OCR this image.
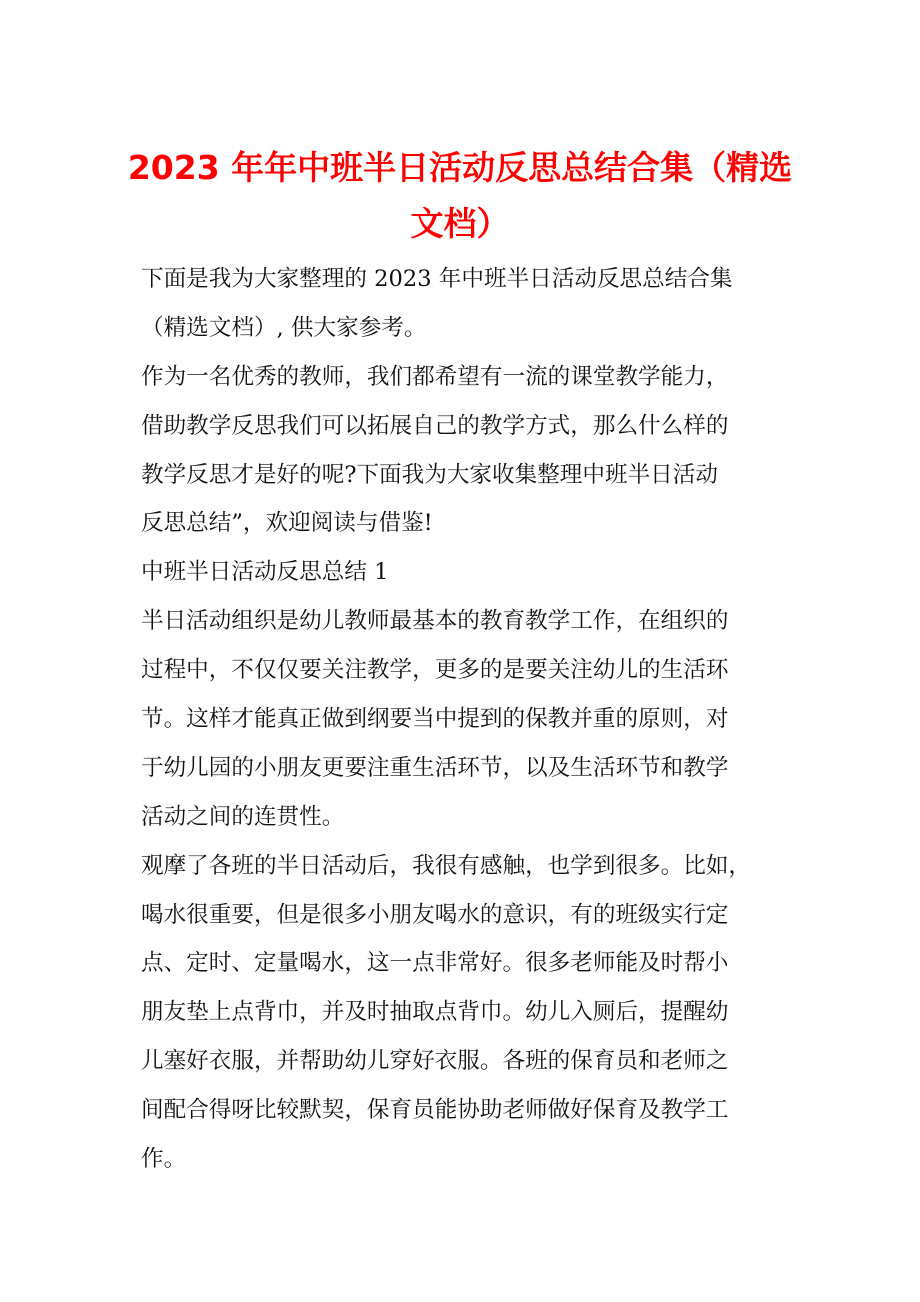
2023 年年中班半日活动反思总结合集（精选
文档）
下面是我为大家整理的 2023 年中班半日活动反思总结合集
（精选文档）, 供大家参考。
作为一名优秀的教师，我们都希望有一流的课堂教学能力，
借助教学反思我们可以拓展自己的教学方式，那么什么样的
教学反思才是好的呢?下面我为大家收集整理中班半日活动
反思总结”，欢迎阅读与借鉴!
中班半日活动反思总结 1
半日活动组织是幼儿教师最基本的教育教学工作，在组织的
过程中，不仅仅要关注教学，更多的是要关注幼儿的生活环
节。这样才能真正做到纲要当中提到的保教并重的原则，对
于幼儿园的小朋友更要注重生活环节，以及生活环节和教学
活动之间的连贯性。
观摩了各班的半日活动后，我很有感触，也学到很多。比如，
喝水很重要，但是很多小朋友喝水的意识，有的班级实行定
点、定时、定量喝水，这一点非常好。很多老师能及时帮小
朋友垫上点背巾，并及时抽取点背巾。幼儿入厕后，提醒幼
儿塞好衣服，并帮助幼儿穿好衣服。各班的保育员和老师之
间配合得呀比较默契，保育员能协助老师做好保育及教学工
作。
